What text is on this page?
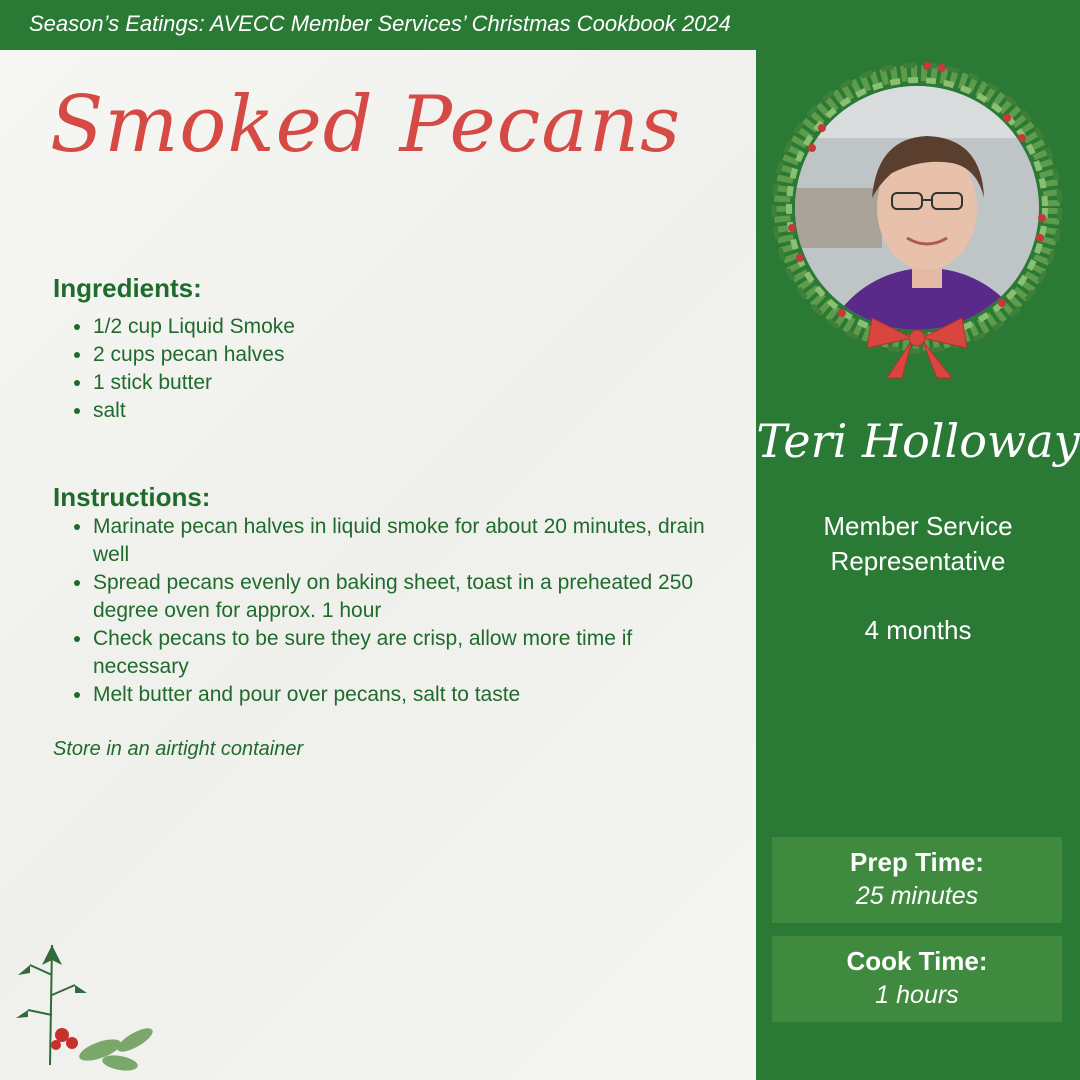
Season’s Eatings: AVECC Member Services’ Christmas Cookbook 2024
Smoked Pecans
Ingredients:
• 1/2 cup Liquid Smoke
• 2 cups pecan halves
• 1 stick butter
• salt
Instructions:
• Marinate pecan halves in liquid smoke for about 20 minutes, drain well
• Spread pecans evenly on baking sheet, toast in a preheated 250 degree oven for approx. 1 hour
• Check pecans to be sure they are crisp, allow more time if necessary
• Melt butter and pour over pecans, salt to taste
Store in an airtight container
Teri Holloway
Member Service Representative
4 months
Prep Time:
25 minutes
Cook Time:
1 hours
